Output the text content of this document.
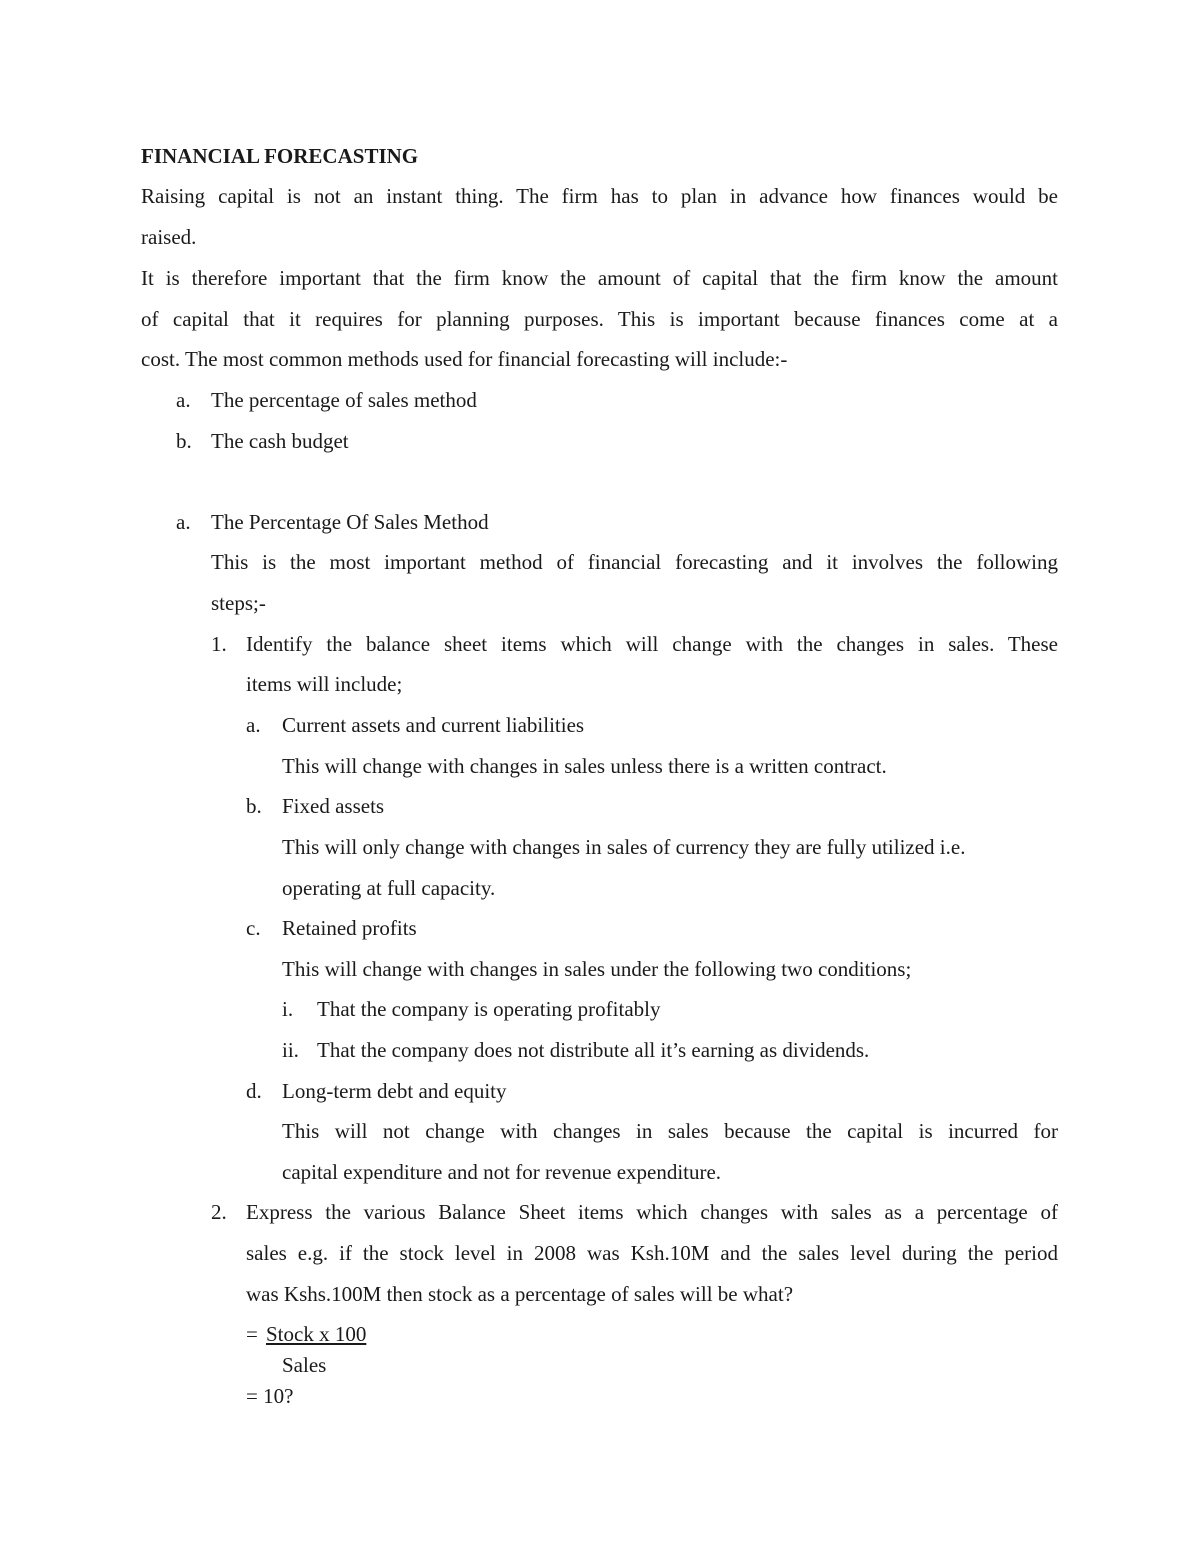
FINANCIAL FORECASTING
Raising capital is not an instant thing. The firm has to plan in advance how finances would be
raised.
It is therefore important that the firm know the amount of capital that the firm know the amount
of capital that it requires for planning purposes. This is important because finances come at a
cost. The most common methods used for financial forecasting will include:-
a. The percentage of sales method
b. The cash budget
a. The Percentage Of Sales Method
This is the most important method of financial forecasting and it involves the following
steps;-
1. Identify the balance sheet items which will change with the changes in sales. These
items will include;
a. Current assets and current liabilities
This will change with changes in sales unless there is a written contract.
b. Fixed assets
This will only change with changes in sales of currency they are fully utilized i.e.
operating at full capacity.
c. Retained profits
This will change with changes in sales under the following two conditions;
i. That the company is operating profitably
ii. That the company does not distribute all it’s earning as dividends.
d. Long-term debt and equity
This will not change with changes in sales because the capital is incurred for
capital expenditure and not for revenue expenditure.
2. Express the various Balance Sheet items which changes with sales as a percentage of
sales e.g. if the stock level in 2008 was Ksh.10M and the sales level during the period
was Kshs.100M then stock as a percentage of sales will be what?
= Stock x 100
Sales
= 10?
